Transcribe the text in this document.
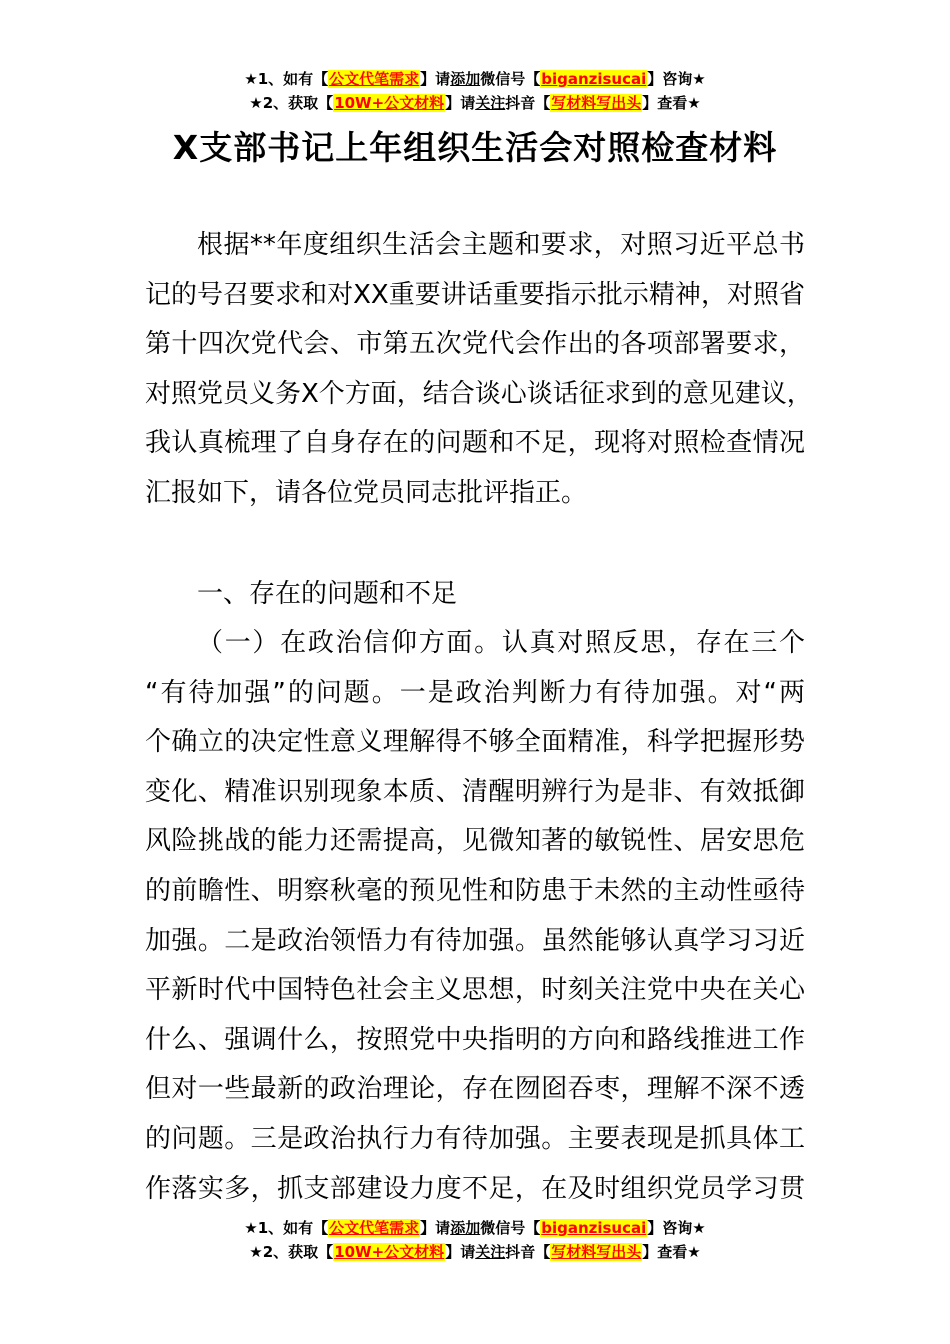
★1、如有【公文代笔需求】请添加微信号【biganzisucai】咨询★
★2、获取【10W+公文材料】请关注抖音【写材料写出头】查看★
X支部书记上年组织生活会对照检查材料
根据**年度组织生活会主题和要求，对照习近平总书
记的号召要求和对XX重要讲话重要指示批示精神，对照省
第十四次党代会、市第五次党代会作出的各项部署要求，
对照党员义务X个方面，结合谈心谈话征求到的意见建议，
我认真梳理了自身存在的问题和不足，现将对照检查情况
汇报如下，请各位党员同志批评指正。
一、存在的问题和不足
（一）在政治信仰方面。认真对照反思，存在三个
“有待加强”的问题。一是政治判断力有待加强。对“两
个确立的决定性意义理解得不够全面精准，科学把握形势
变化、精准识别现象本质、清醒明辨行为是非、有效抵御
风险挑战的能力还需提高，见微知著的敏锐性、居安思危
的前瞻性、明察秋毫的预见性和防患于未然的主动性亟待
加强。二是政治领悟力有待加强。虽然能够认真学习习近
平新时代中国特色社会主义思想，时刻关注党中央在关心
什么、强调什么，按照党中央指明的方向和路线推进工作
但对一些最新的政治理论，存在囫囵吞枣，理解不深不透
的问题。三是政治执行力有待加强。主要表现是抓具体工
作落实多，抓支部建设力度不足，在及时组织党员学习贯
★1、如有【公文代笔需求】请添加微信号【biganzisucai】咨询★
★2、获取【10W+公文材料】请关注抖音【写材料写出头】查看★
